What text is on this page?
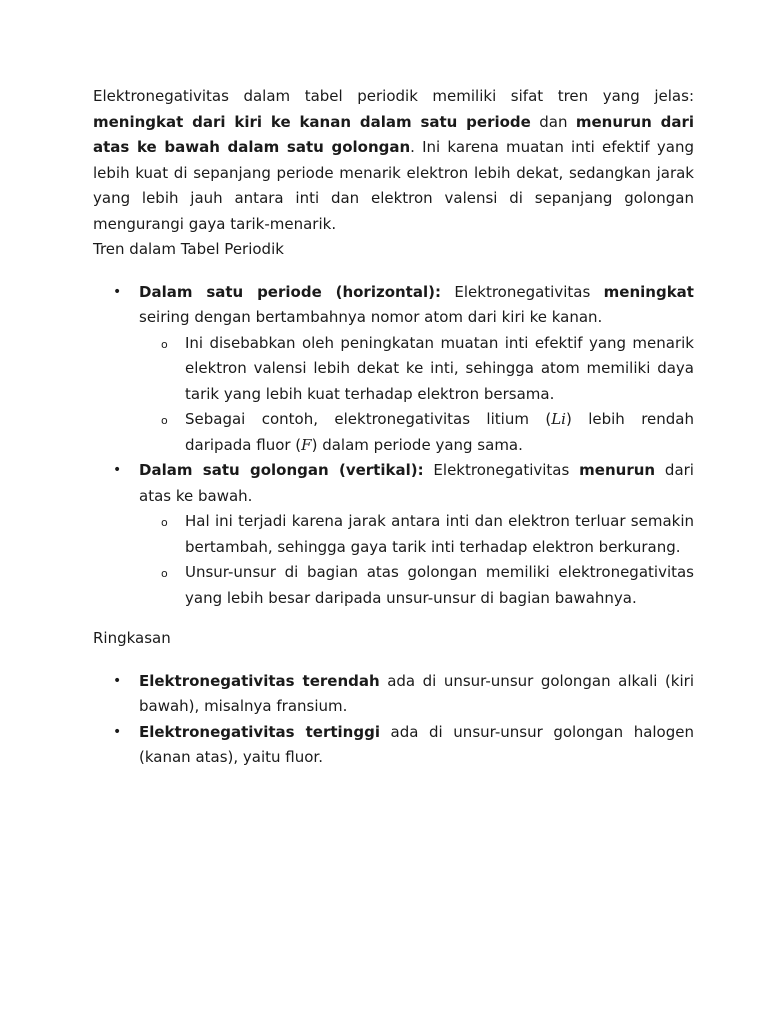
Elektronegativitas dalam tabel periodik memiliki sifat tren yang jelas: meningkat dari kiri ke kanan dalam satu periode dan menurun dari atas ke bawah dalam satu golongan. Ini karena muatan inti efektif yang lebih kuat di sepanjang periode menarik elektron lebih dekat, sedangkan jarak yang lebih jauh antara inti dan elektron valensi di sepanjang golongan mengurangi gaya tarik-menarik.

Tren dalam Tabel Periodik

• Dalam satu periode (horizontal): Elektronegativitas meningkat seiring dengan bertambahnya nomor atom dari kiri ke kanan.
o Ini disebabkan oleh peningkatan muatan inti efektif yang menarik elektron valensi lebih dekat ke inti, sehingga atom memiliki daya tarik yang lebih kuat terhadap elektron bersama.
o Sebagai contoh, elektronegativitas litium (Li) lebih rendah daripada fluor (F) dalam periode yang sama.
• Dalam satu golongan (vertikal): Elektronegativitas menurun dari atas ke bawah.
o Hal ini terjadi karena jarak antara inti dan elektron terluar semakin bertambah, sehingga gaya tarik inti terhadap elektron berkurang.
o Unsur-unsur di bagian atas golongan memiliki elektronegativitas yang lebih besar daripada unsur-unsur di bagian bawahnya.

Ringkasan

• Elektronegativitas terendah ada di unsur-unsur golongan alkali (kiri bawah), misalnya fransium.
• Elektronegativitas tertinggi ada di unsur-unsur golongan halogen (kanan atas), yaitu fluor.
